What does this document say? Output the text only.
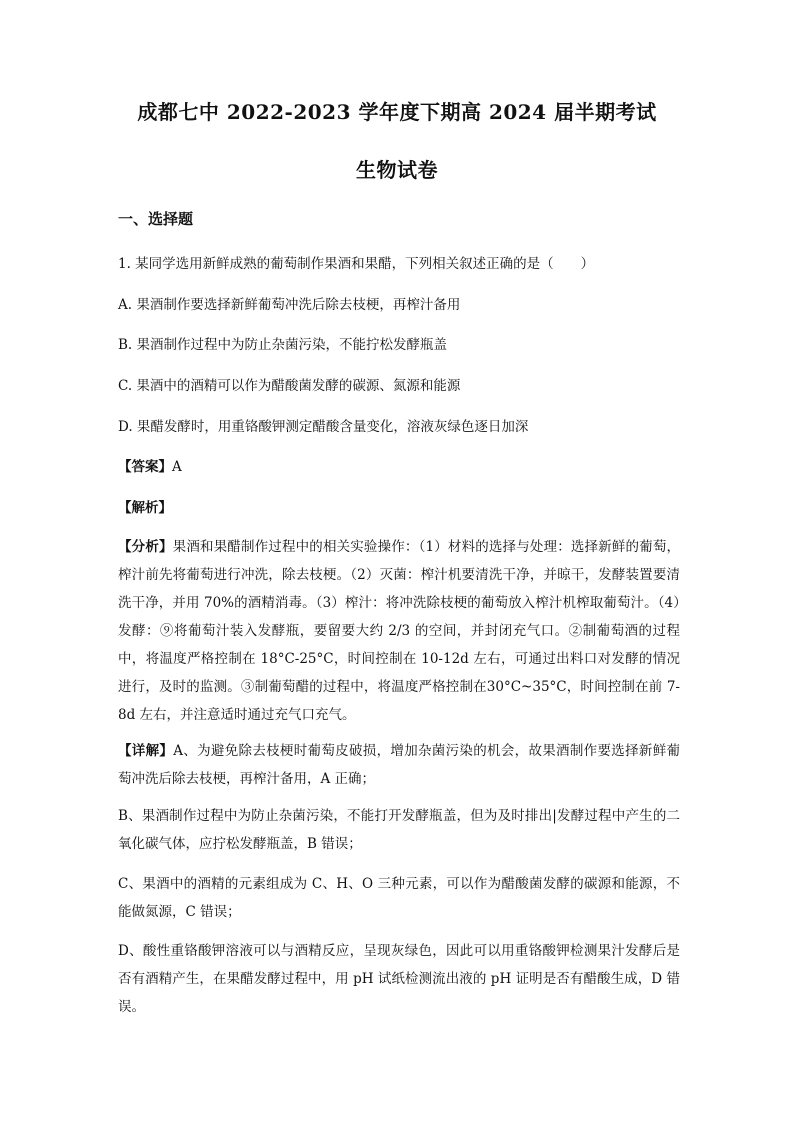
成都七中 2022-2023 学年度下期高 2024 届半期考试
生物试卷
一、选择题
1. 某同学选用新鲜成熟的葡萄制作果酒和果醋，下列相关叙述正确的是（　　）
A. 果酒制作要选择新鲜葡萄冲洗后除去枝梗，再榨汁备用
B. 果酒制作过程中为防止杂菌污染，不能拧松发酵瓶盖
C. 果酒中的酒精可以作为醋酸菌发酵的碳源、氮源和能源
D. 果醋发酵时，用重铬酸钾测定醋酸含量变化，溶液灰绿色逐日加深
【答案】A
【解析】
【分析】果酒和果醋制作过程中的相关实验操作：（1）材料的选择与处理：选择新鲜的葡萄，榨汁前先将葡萄进行冲洗，除去枝梗。（2）灭菌：榨汁机要清洗干净，并晾干，发酵装置要清洗干净，并用 70%的酒精消毒。（3）榨汁：将冲洗除枝梗的葡萄放入榨汁机榨取葡萄汁。（4）发酵：⑨将葡萄汁装入发酵瓶，要留要大约 2/3 的空间，并封闭充气口。②制葡萄酒的过程中，将温度严格控制在 18°C-25°C，时间控制在 10-12d 左右，可通过出料口对发酵的情况进行，及时的监测。③制葡萄醋的过程中，将温度严格控制在30°C~35°C，时间控制在前 7-8d 左右，并注意适时通过充气口充气。
【详解】A、为避免除去枝梗时葡萄皮破损，增加杂菌污染的机会，故果酒制作要选择新鲜葡萄冲洗后除去枝梗，再榨汁备用，A 正确；
B、果酒制作过程中为防止杂菌污染，不能打开发酵瓶盖，但为及时排出|发酵过程中产生的二氧化碳气体，应拧松发酵瓶盖，B 错误；
C、果酒中的酒精的元素组成为 C、H、O 三种元素，可以作为醋酸菌发酵的碳源和能源，不能做氮源，C 错误；
D、酸性重铬酸钾溶液可以与酒精反应，呈现灰绿色，因此可以用重铬酸钾检测果汁发酵后是否有酒精产生，在果醋发酵过程中，用 pH 试纸检测流出液的 pH 证明是否有醋酸生成，D 错误。
